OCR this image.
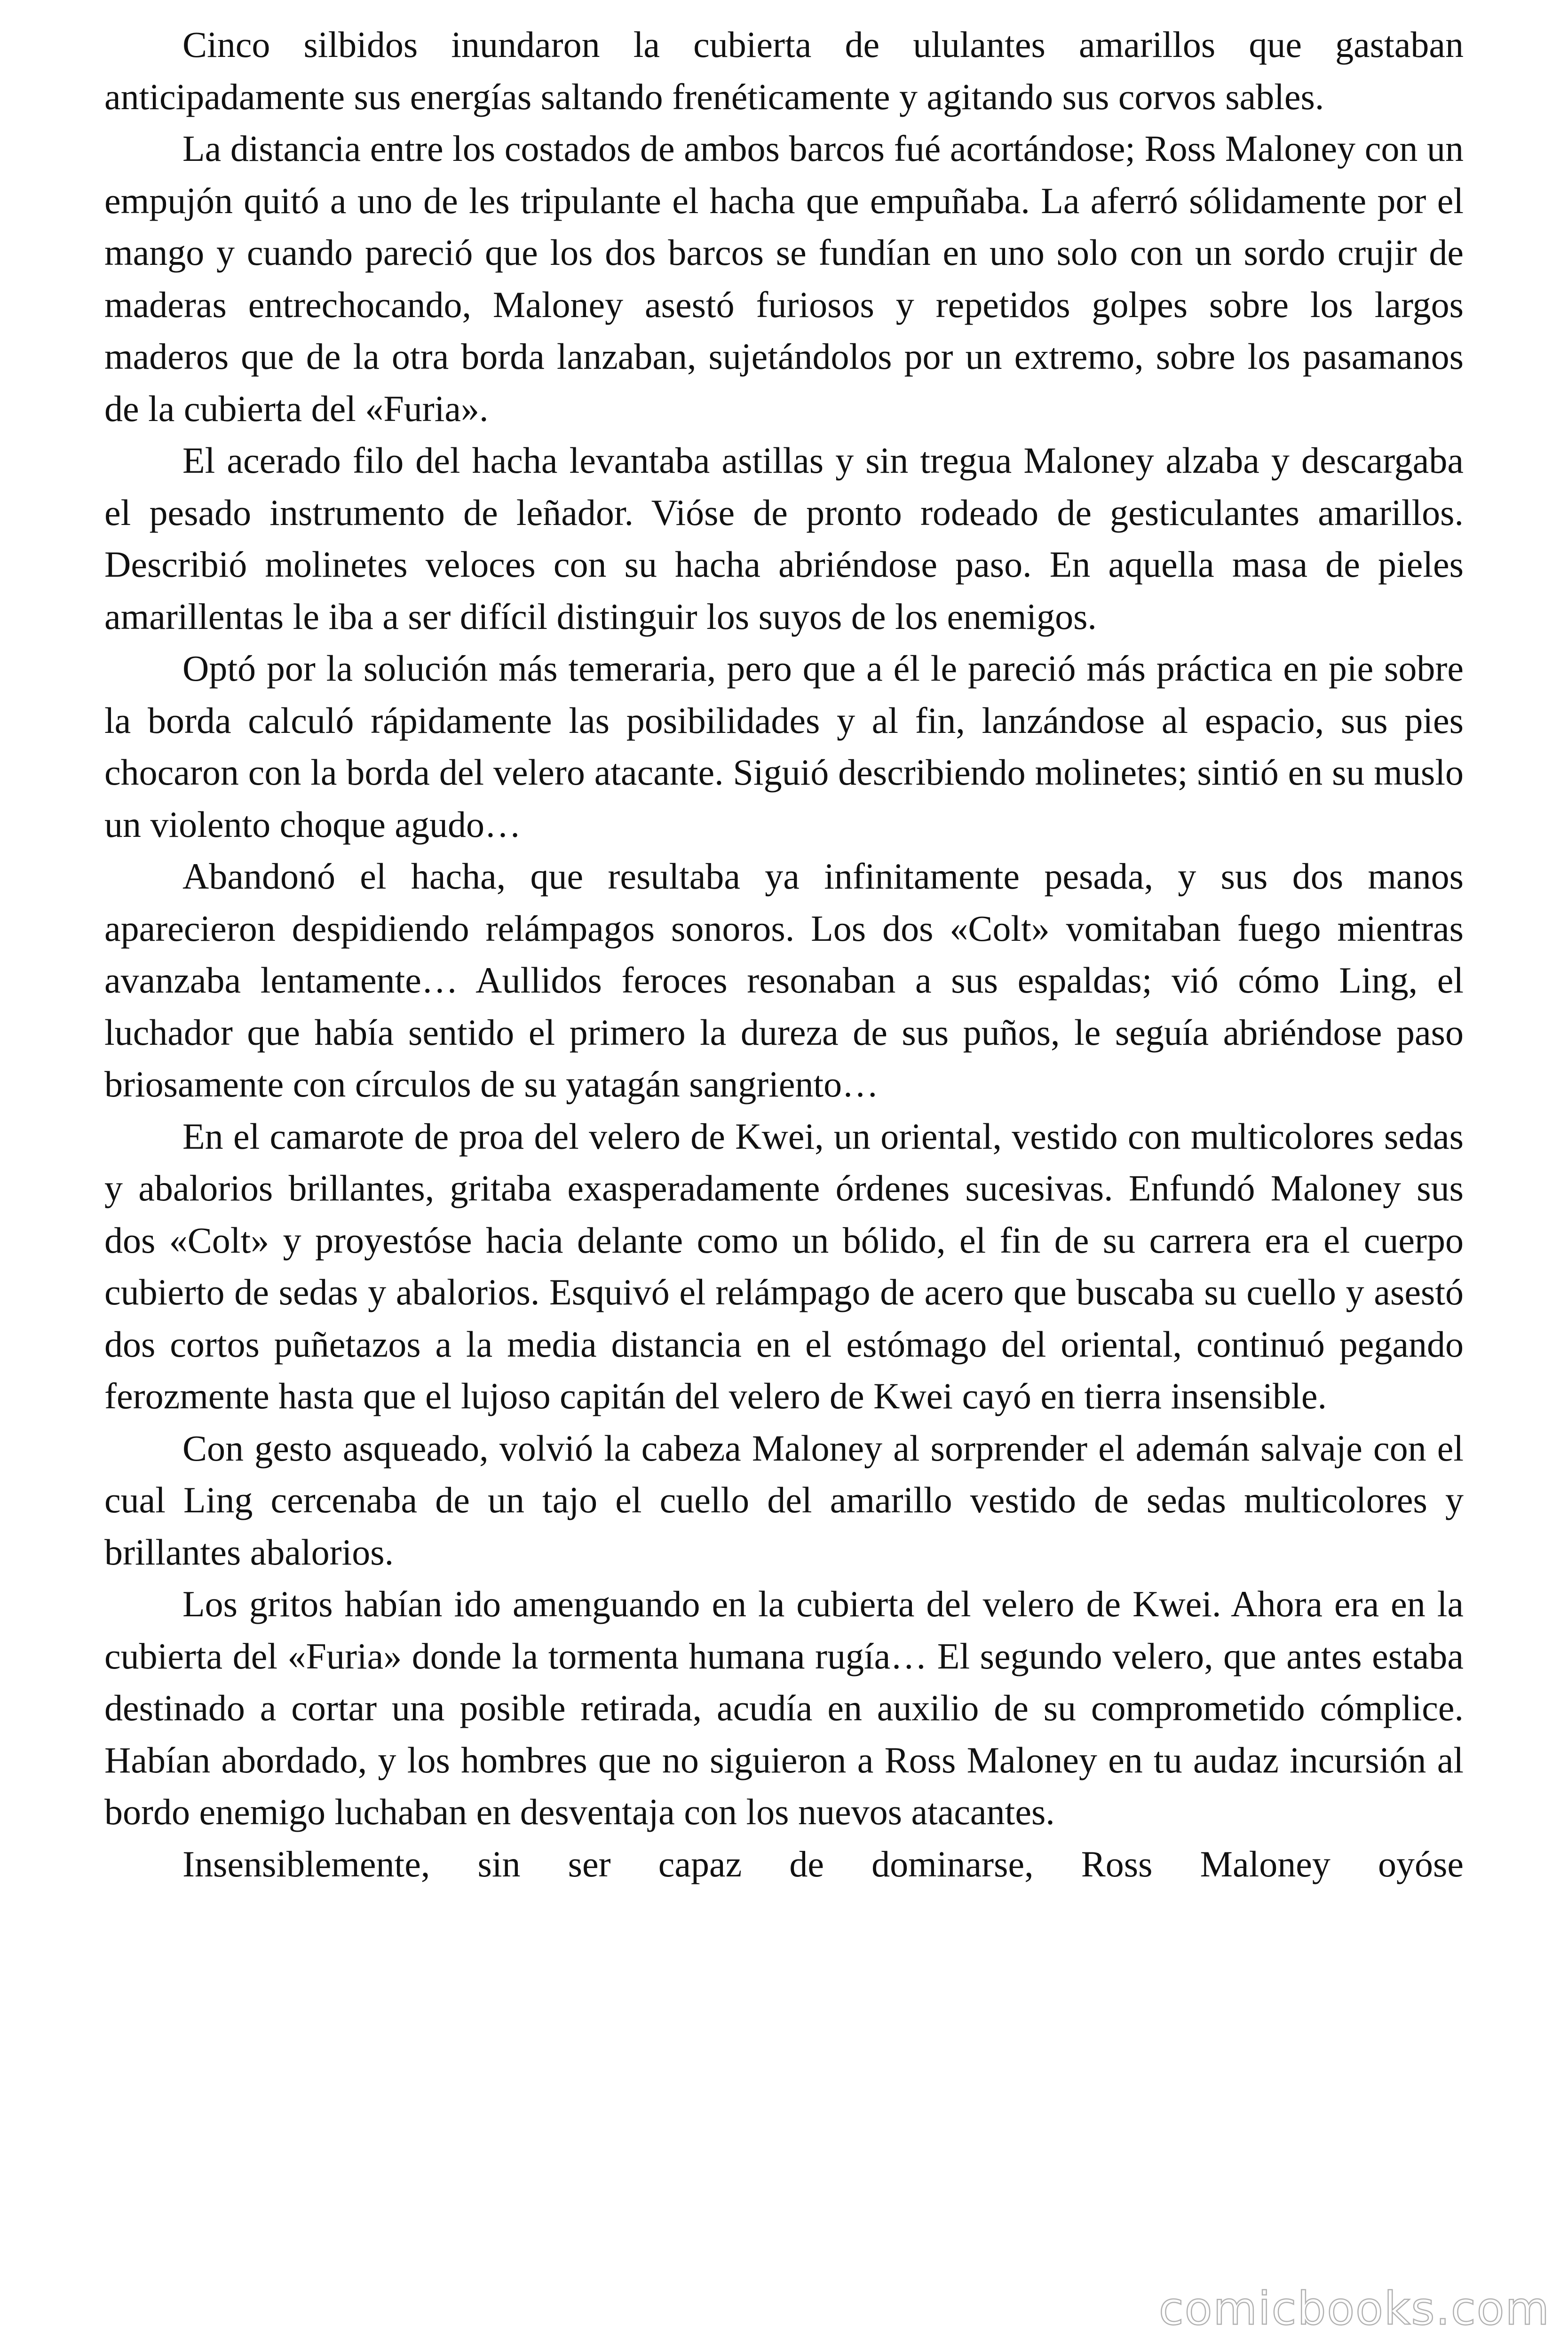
Cinco silbidos inundaron la cubierta de ululantes amarillos que gastaban anticipadamente sus energías saltando frenéticamente y agitando sus corvos sables.

La distancia entre los costados de ambos barcos fué acortándose; Ross Maloney con un empujón quitó a uno de les tripulante el hacha que empuñaba. La aferró sólidamente por el mango y cuando pareció que los dos barcos se fundían en uno solo con un sordo crujir de maderas entrechocando, Maloney asestó furiosos y repetidos golpes sobre los largos maderos que de la otra borda lanzaban, sujetándolos por un extremo, sobre los pasamanos de la cubierta del «Furia».

El acerado filo del hacha levantaba astillas y sin tregua Maloney alzaba y descargaba el pesado instrumento de leñador. Vióse de pronto rodeado de gesticulantes amarillos. Describió molinetes veloces con su hacha abriéndose paso. En aquella masa de pieles amarillentas le iba a ser difícil distinguir los suyos de los enemigos.

Optó por la solución más temeraria, pero que a él le pareció más práctica en pie sobre la borda calculó rápidamente las posibilidades y al fin, lanzándose al espacio, sus pies chocaron con la borda del velero atacante. Siguió describiendo molinetes; sintió en su muslo un violento choque agudo…

Abandonó el hacha, que resultaba ya infinitamente pesada, y sus dos manos aparecieron despidiendo relámpagos sonoros. Los dos «Colt» vomitaban fuego mientras avanzaba lentamente… Aullidos feroces resonaban a sus espaldas; vió cómo Ling, el luchador que había sentido el primero la dureza de sus puños, le seguía abriéndose paso briosamente con círculos de su yatagán sangriento…

En el camarote de proa del velero de Kwei, un oriental, vestido con multicolores sedas y abalorios brillantes, gritaba exasperadamente órdenes sucesivas. Enfundó Maloney sus dos «Colt» y proyestóse hacia delante como un bólido, el fin de su carrera era el cuerpo cubierto de sedas y abalorios. Esquivó el relámpago de acero que buscaba su cuello y asestó dos cortos puñetazos a la media distancia en el estómago del oriental, continuó pegando ferozmente hasta que el lujoso capitán del velero de Kwei cayó en tierra insensible.

Con gesto asqueado, volvió la cabeza Maloney al sorprender el ademán salvaje con el cual Ling cercenaba de un tajo el cuello del amarillo vestido de sedas multicolores y brillantes abalorios.

Los gritos habían ido amenguando en la cubierta del velero de Kwei. Ahora era en la cubierta del «Furia» donde la tormenta humana rugía… El segundo velero, que antes estaba destinado a cortar una posible retirada, acudía en auxilio de su comprometido cómplice. Habían abordado, y los hombres que no siguieron a Ross Maloney en tu audaz incursión al bordo enemigo luchaban en desventaja con los nuevos atacantes.

Insensiblemente, sin ser capaz de dominarse, Ross Maloney oyóse

comicbooks.com
